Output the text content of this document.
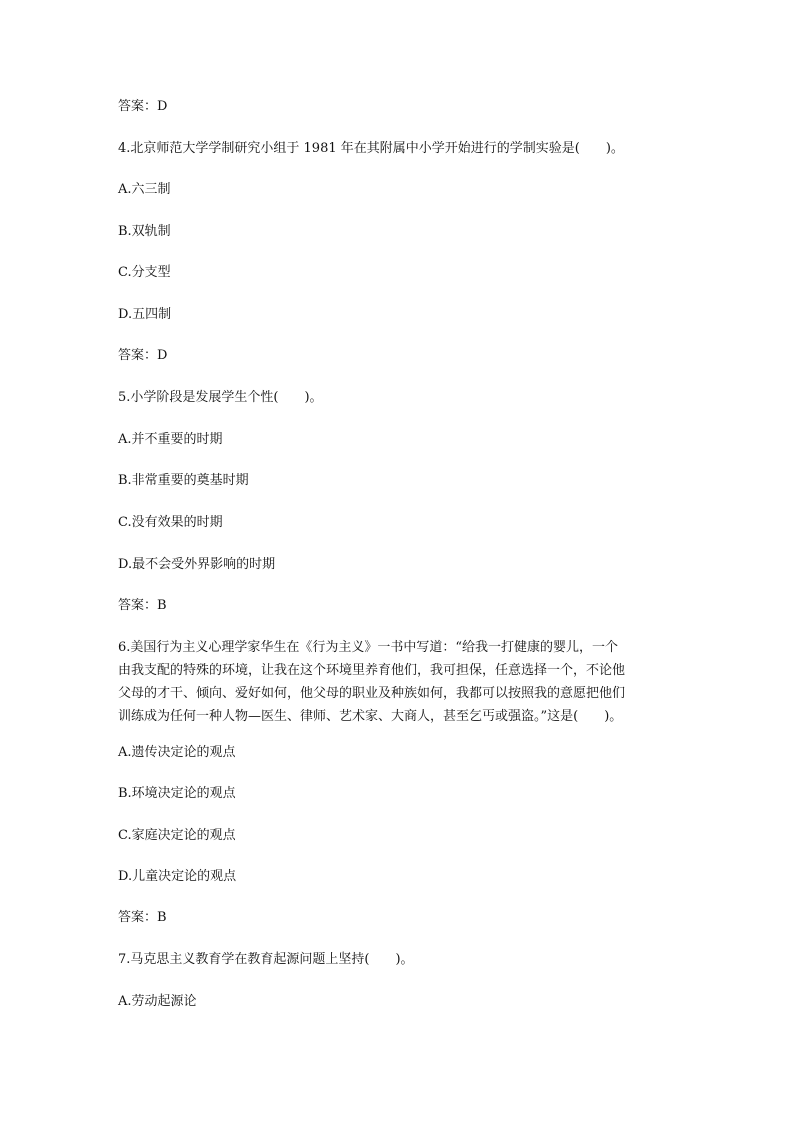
答案：D
4.北京师范大学学制研究小组于 1981 年在其附属中小学开始进行的学制实验是(　　)。
A.六三制
B.双轨制
C.分支型
D.五四制
答案：D
5.小学阶段是发展学生个性(　　)。
A.并不重要的时期
B.非常重要的奠基时期
C.没有效果的时期
D.最不会受外界影响的时期
答案：B
6.美国行为主义心理学家华生在《行为主义》一书中写道：“给我一打健康的婴儿，一个
由我支配的特殊的环境，让我在这个环境里养育他们，我可担保，任意选择一个，不论他
父母的才干、倾向、爱好如何，他父母的职业及种族如何，我都可以按照我的意愿把他们
训练成为任何一种人物—医生、律师、艺术家、大商人，甚至乞丐或强盗。”这是(　　)。
A.遗传决定论的观点
B.环境决定论的观点
C.家庭决定论的观点
D.儿童决定论的观点
答案：B
7.马克思主义教育学在教育起源问题上坚持(　　)。
A.劳动起源论
